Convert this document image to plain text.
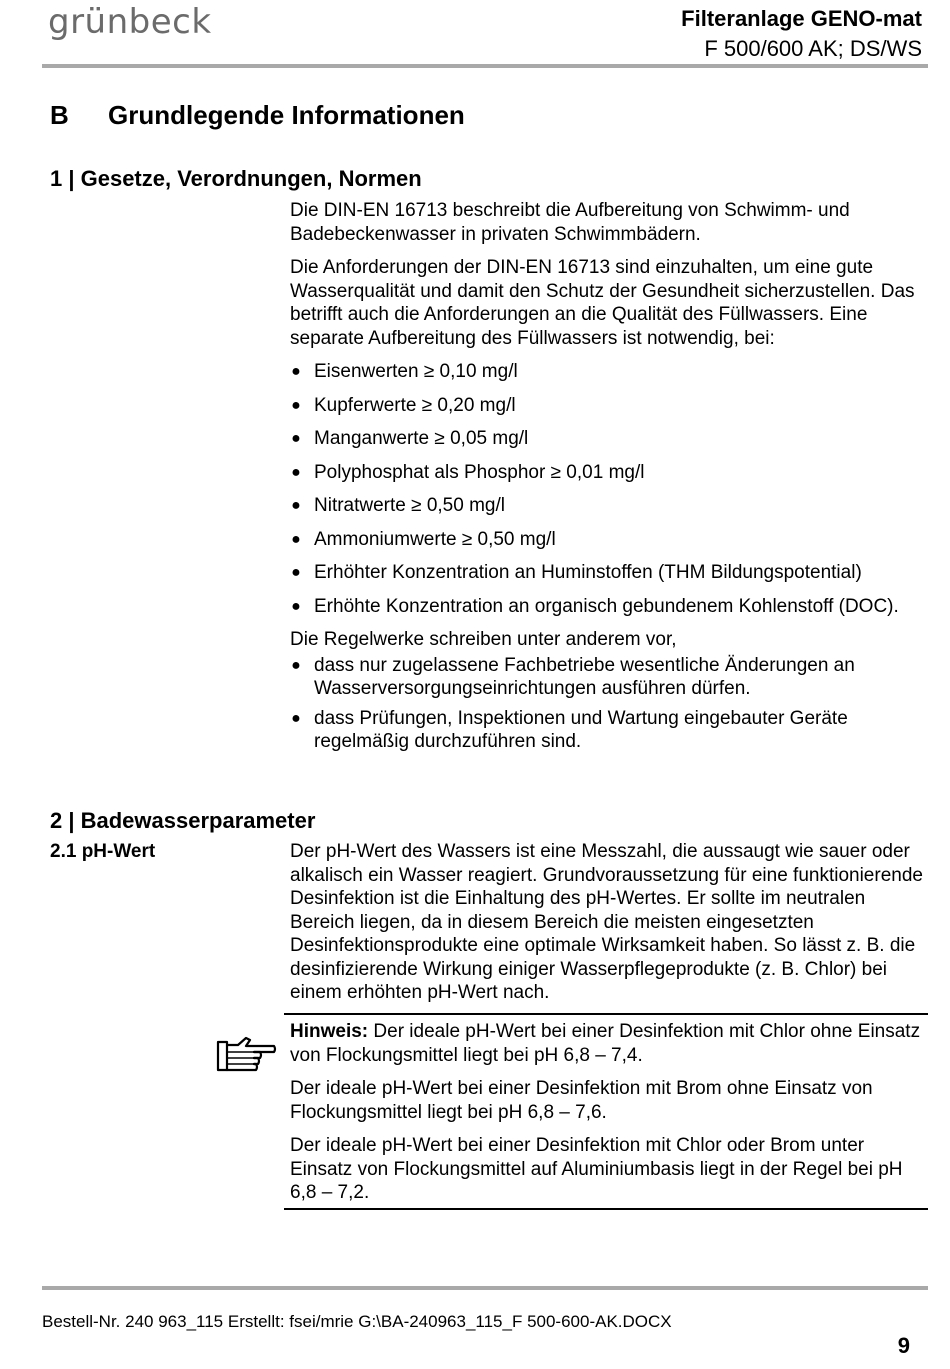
grünbeck	Filteranlage GENO-mat
F 500/600 AK; DS/WS
B Grundlegende Informationen
1 | Gesetze, Verordnungen, Normen

Die DIN-EN 16713 beschreibt die Aufbereitung von Schwimm- und Badebeckenwasser in privaten Schwimmbädern.

Die Anforderungen der DIN-EN 16713 sind einzuhalten, um eine gute Wasserqualität und damit den Schutz der Gesundheit sicherzustellen. Das betrifft auch die Anforderungen an die Qualität des Füllwassers. Eine separate Aufbereitung des Füllwassers ist notwendig, bei:

● Eisenwerten ≥ 0,10 mg/l
● Kupferwerte ≥ 0,20 mg/l
● Manganwerte ≥ 0,05 mg/l
● Polyphosphat als Phosphor ≥ 0,01 mg/l
● Nitratwerte ≥ 0,50 mg/l
● Ammoniumwerte ≥ 0,50 mg/l
● Erhöhter Konzentration an Huminstoffen (THM Bildungspotential)
● Erhöhte Konzentration an organisch gebundenem Kohlenstoff (DOC).

Die Regelwerke schreiben unter anderem vor,

● dass nur zugelassene Fachbetriebe wesentliche Änderungen an Wasserversorgungseinrichtungen ausführen dürfen.
● dass Prüfungen, Inspektionen und Wartung eingebauter Geräte regelmäßig durchzuführen sind.
2 | Badewasserparameter
2.1 pH-Wert	Der pH-Wert des Wassers ist eine Messzahl, die aussaugt wie sauer oder alkalisch ein Wasser reagiert. Grundvoraussetzung für eine funktionierende Desinfektion ist die Einhaltung des pH-Wertes. Er sollte im neutralen Bereich liegen, da in diesem Bereich die meisten eingesetzten Desinfektionsprodukte eine optimale Wirksamkeit haben. So lässt z. B. die desinfizierende Wirkung einiger Wasserpflegeprodukte (z. B. Chlor) bei einem erhöhten pH-Wert nach.

Hinweis: Der ideale pH-Wert bei einer Desinfektion mit Chlor ohne Einsatz von Flockungsmittel liegt bei pH 6,8 – 7,4.

Der ideale pH-Wert bei einer Desinfektion mit Brom ohne Einsatz von Flockungsmittel liegt bei pH 6,8 – 7,6.

Der ideale pH-Wert bei einer Desinfektion mit Chlor oder Brom unter Einsatz von Flockungsmittel auf Aluminiumbasis liegt in der Regel bei pH 6,8 – 7,2.

Bestell-Nr. 240 963_115 Erstellt: fsei/mrie G:\BA-240963_115_F 500-600-AK.DOCX
9
